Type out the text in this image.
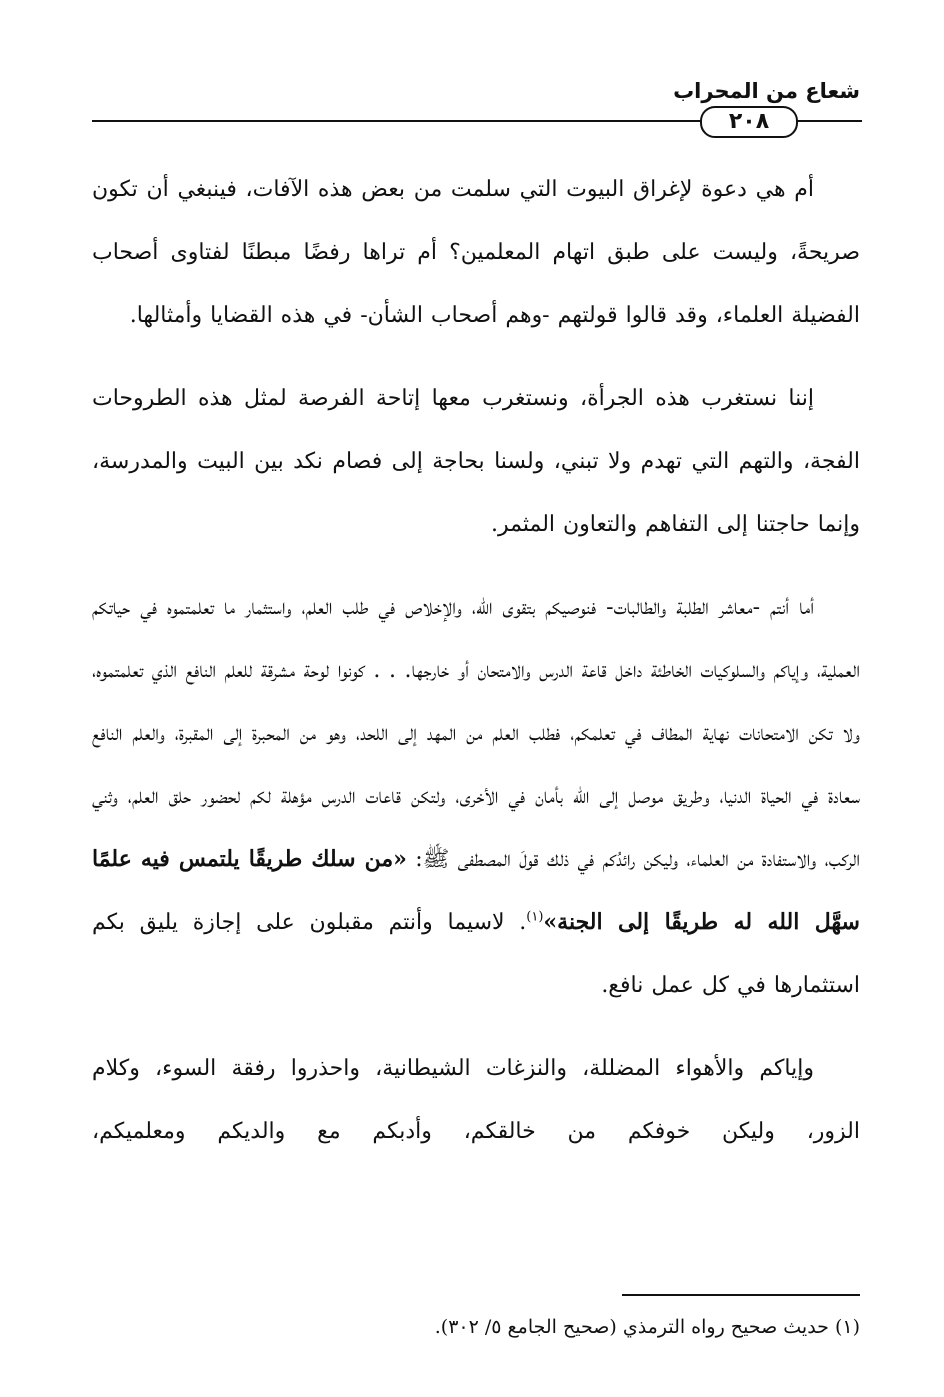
شعاع من المحراب
٢٠٨

أم هي دعوة لإغراق البيوت التي سلمت من بعض هذه الآفات، فينبغي أن تكون صريحةً، وليست على طبق اتهام المعلمين؟ أم تراها رفضًا مبطنًا لفتاوى أصحاب الفضيلة العلماء، وقد قالوا قولتهم -وهم أصحاب الشأن- في هذه القضايا وأمثالها.

إننا نستغرب هذه الجرأة، ونستغرب معها إتاحة الفرصة لمثل هذه الطروحات الفجة، والتهم التي تهدم ولا تبني، ولسنا بحاجة إلى فصام نكد بين البيت والمدرسة، وإنما حاجتنا إلى التفاهم والتعاون المثمر.

أما أنتم -معاشر الطلبة والطالبات- فنوصيكم بتقوى الله، والإخلاص في طلب العلم، واستثمار ما تعلمتموه في حياتكم العملية، وإياكم والسلوكيات الخاطئة داخل قاعة الدرس والامتحان أو خارجها. . . كونوا لوحة مشرقة للعلم النافع الذي تعلمتموه، ولا تكن الامتحانات نهاية المطاف في تعلمكم، فطلب العلم من المهد إلى اللحد، وهو من المحبرة إلى المقبرة، والعلم النافع سعادة في الحياة الدنيا، وطريق موصل إلى الله بأمان في الأخرى، ولتكن قاعات الدرس مؤهلة لكم لحضور حلق العلم، وثني الركب، والاستفادة من العلماء، وليكن رائدُكم في ذلك قولَ المصطفى ﷺ: «من سلك طريقًا يلتمس فيه علمًا سهَّل الله له طريقًا إلى الجنة»$^{(١)}$. لاسيما وأنتم مقبلون على إجازة يليق بكم استثمارها في كل عمل نافع.

وإياكم والأهواء المضللة، والنزغات الشيطانية، واحذروا رفقة السوء، وكلام الزور، وليكن خوفكم من خالقكم، وأدبكم مع والديكم ومعلميكم،

(١) حديث صحيح رواه الترمذي (صحيح الجامع ٥/ ٣٠٢).
